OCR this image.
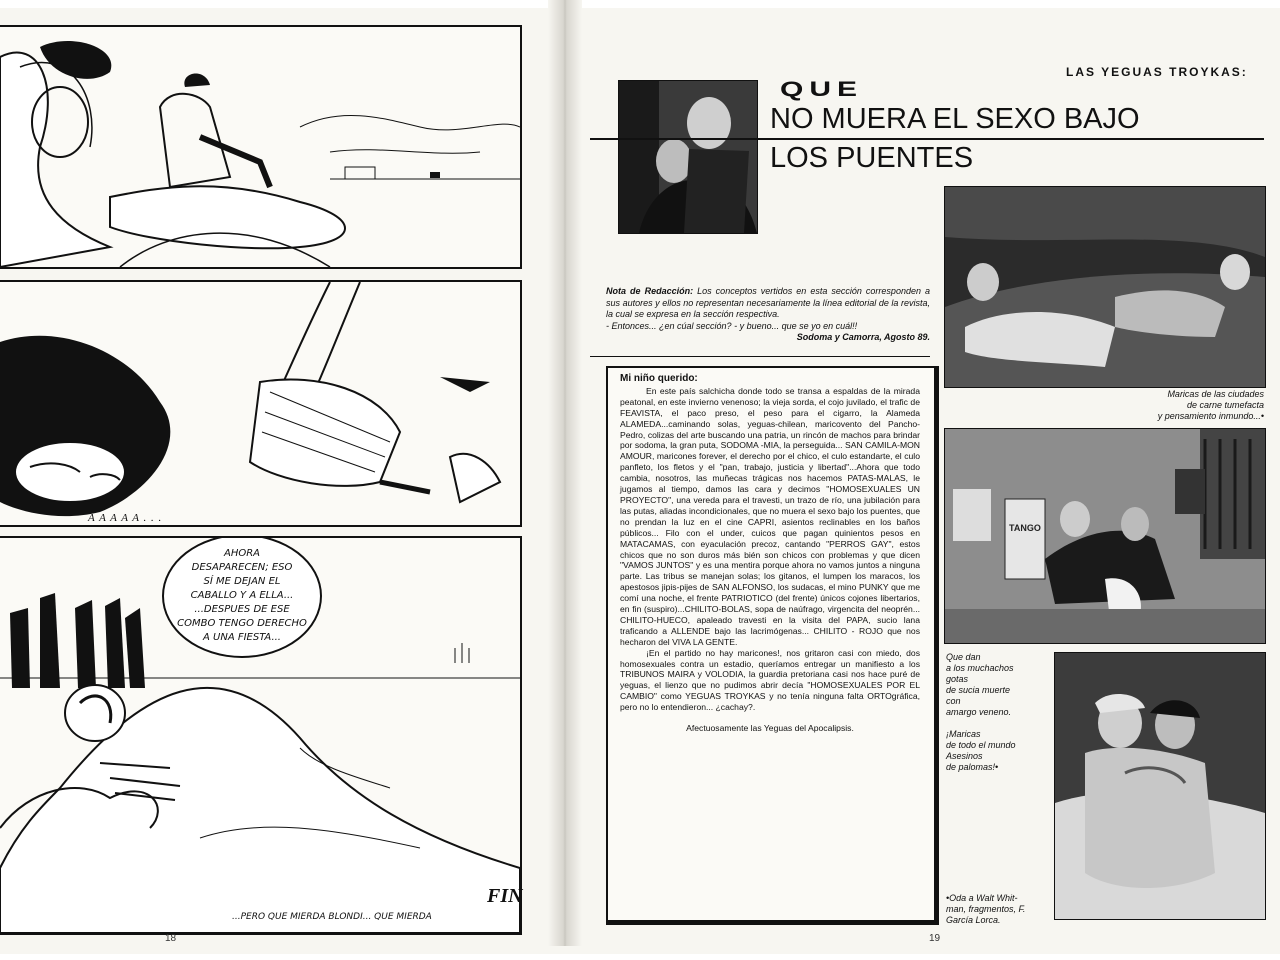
A A A A A . . .
AHORA
DESAPARECEN; ESO
SÍ ME DEJAN EL
CABALLO Y A ELLA...
...DESPUES DE ESE
COMBO TENGO DERECHO
A UNA FIESTA...
...PERO QUE MIERDA BLONDI... QUE MIERDA
FIN
18
LAS YEGUAS TROYKAS:
QUE
NO MUERA EL SEXO BAJO
LOS PUENTES
Nota de Redacción: Los conceptos vertidos en esta sección corresponden a sus autores y ellos no representan necesariamente la línea editorial de la revista, la cual se expresa en la sección respectiva.
- Entonces... ¿en cúal sección? - y bueno... que se yo en cuál!!
Sodoma y Camorra, Agosto 89.
Mi niño querido:

En este país salchicha donde todo se transa a espaldas de la mirada peatonal, en este invierno venenoso; la vieja sorda, el cojo juvilado, el trafic de FEAVISTA, el paco preso, el peso para el cigarro, la Alameda ALAMEDA...caminando solas, yeguas-chilean, maricovento del Pancho-Pedro, colizas del arte buscando una patria, un rincón de machos para brindar por sodoma, la gran puta, SODOMA -MIA, la perseguida... SAN CAMILA-MON AMOUR, maricones forever, el derecho por el chico, el culo estandarte, el culo panfleto, los fletos y el "pan, trabajo, justicia y libertad"...Ahora que todo cambia, nosotros, las muñecas trágicas nos hacemos PATAS-MALAS, le jugamos al tiempo, damos las cara y decimos "HOMOSEXUALES UN PROYECTO", una vereda para el travesti, un trazo de río, una jubilación para las putas, aliadas incondicionales, que no muera el sexo bajo los puentes, que no prendan la luz en el cine CAPRI, asientos reclinables en los baños públicos... Filo con el under, cuicos que pagan quinientos pesos en MATACAMAS, con eyaculación precoz, cantando "PERROS GAY", estos chicos que no son duros más bién son chicos con problemas y que dicen "VAMOS JUNTOS" y es una mentira porque ahora no vamos juntos a ninguna parte. Las tribus se manejan solas; los gitanos, el lumpen los maracos, los apestosos jipis-pijes de SAN ALFONSO, los sudacas, el mino PUNKY que me comí una noche, el frente PATRIOTICO (del frente) únicos cojones libertarios, en fin (suspiro)...CHILITO-BOLAS, sopa de naúfrago, virgencita del neoprén... CHILITO-HUECO, apaleado travesti en la visita del PAPA, sucio lana traficando a ALLENDE bajo las lacrimógenas... CHILITO - ROJO que nos hecharon del VIVA LA GENTE.

¡En el partido no hay maricones!, nos gritaron casi con miedo, dos homosexuales contra un estadio, queríamos entregar un manifiesto a los TRIBUNOS MAIRA y VOLODIA, la guardia pretoriana casi nos hace puré de yeguas, el lienzo que no pudimos abrir decía "HOMOSEXUALES POR EL CAMBIO" como YEGUAS TROYKAS y no tenía ninguna falta ORTOgráfica, pero no lo entendieron... ¿cachay?.

Afectuosamente las Yeguas del Apocalipsis.
Maricas de las ciudades
de carne tumefacta
y pensamiento inmundo...•
TANGO
Que dan
a los muchachos
gotas
de sucia muerte
con
amargo veneno.
¡Maricas
de todo el mundo
Asesinos
de palomas!•
•Oda a Walt Whit-
man, fragmentos, F.
García Lorca.
19
